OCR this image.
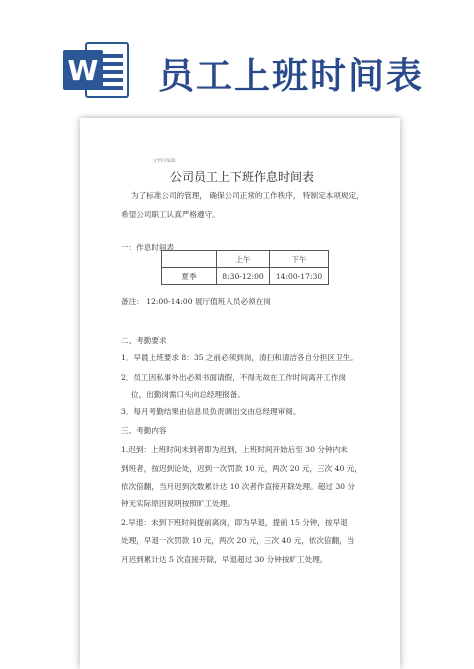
W 员工上班时间表
文档可编辑
公司员工上下班作息时间表
为了标准公司的管理， 确保公司正常的工作秩序， 特制定本项规定，
希望公司职工认真严格遵守。
一：作息时间表
	上午	下午
夏季	8:30-12:00	14:00-17:30
备注： 12:00-14:00 展厅值班人员必须在岗
二、考勤要求
1．早晨上班要求 8：35 之前必须到岗，清扫和清洁各自分担区卫生。
2．员工因私事外出必须书面请假，不得无故在工作时间离开工作岗
位，出勤岗需口头向总经理报备。
3．每月考勤结果由信息员负责调出交由总经理审阅。
三、考勤内容
1.迟到：上班时间未到者即为迟到，上班时间开始后至 30 分钟内未
到班者，按迟到论处，迟到一次罚款 10 元，两次 20 元，三次 40 元，
依次倍翻，当月迟到次数累计达 10 次者作直接开除处理。超过 30 分
钟无实际原因说明按照旷工处理。
2.早退：未到下班时间提前离岗，即为早退，提前 15 分钟，按早退
处理，早退一次罚款 10 元，两次 20 元，三次 40 元，依次倍翻，当
月迟到累计达 5 次直接开除，早退超过 30 分钟按旷工处理。
